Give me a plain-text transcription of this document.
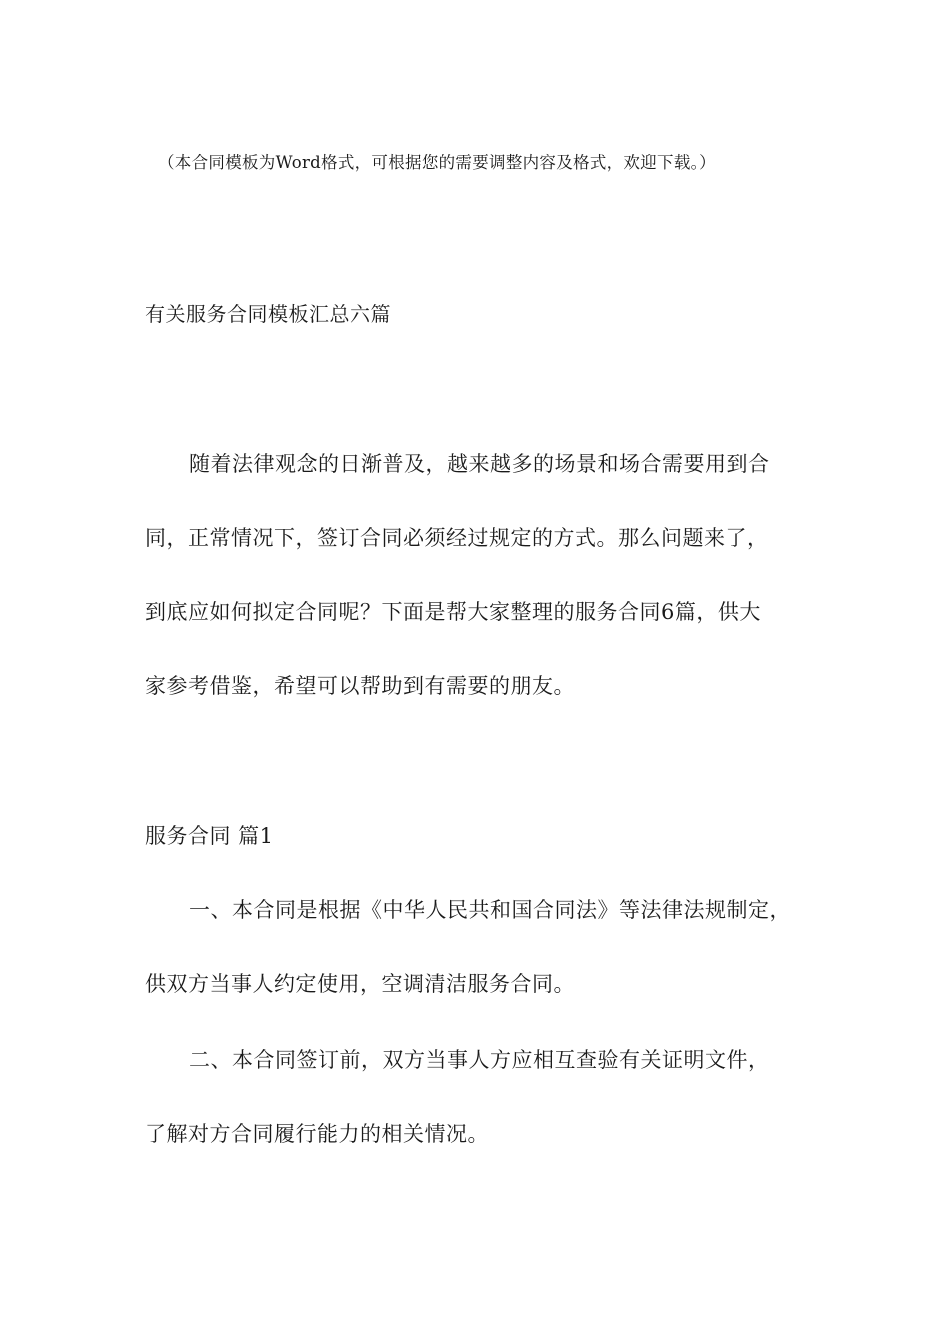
（本合同模板为Word格式，可根据您的需要调整内容及格式，欢迎下载。）
有关服务合同模板汇总六篇
随着法律观念的日渐普及，越来越多的场景和场合需要用到合
同，正常情况下，签订合同必须经过规定的方式。那么问题来了，
到底应如何拟定合同呢？下面是帮大家整理的服务合同6篇，供大
家参考借鉴，希望可以帮助到有需要的朋友。
服务合同 篇1
一、本合同是根据《中华人民共和国合同法》等法律法规制定，
供双方当事人约定使用，空调清洁服务合同。
二、本合同签订前，双方当事人方应相互查验有关证明文件，
了解对方合同履行能力的相关情况。
